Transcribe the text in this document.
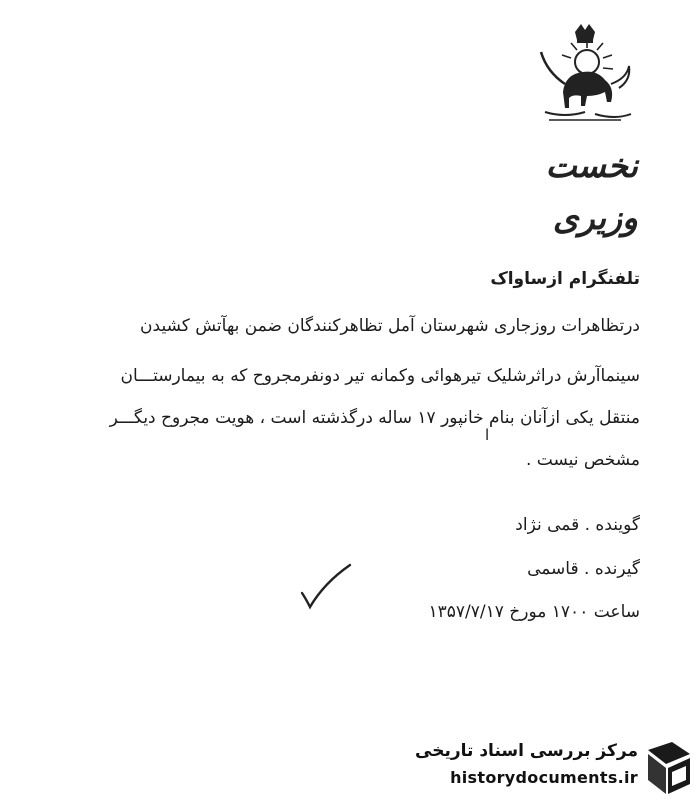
نخست وزیری
تلفنگرام ازساواک
درتظاهرات روزجاری شهرستان آمل تظاهرکنندگان ضمن بهآتش کشیدن
سینماآرش دراثرشلیک تیرهوائی وکمانه تیر دونفرمجروح که به بیمارستـــان
منتقل یکی ازآنان بنام خانپور ۱۷ ساله درگذشته است ، هویت مجروح دیگـــر
ا
مشخص نیست .
گوینده . قمی نژاد
گیرنده . قاسمی
ساعت ۱۷۰۰ مورخ ۱۳۵۷/۷/۱۷
مرکز بررسی اسناد تاریخی
historydocuments.ir
